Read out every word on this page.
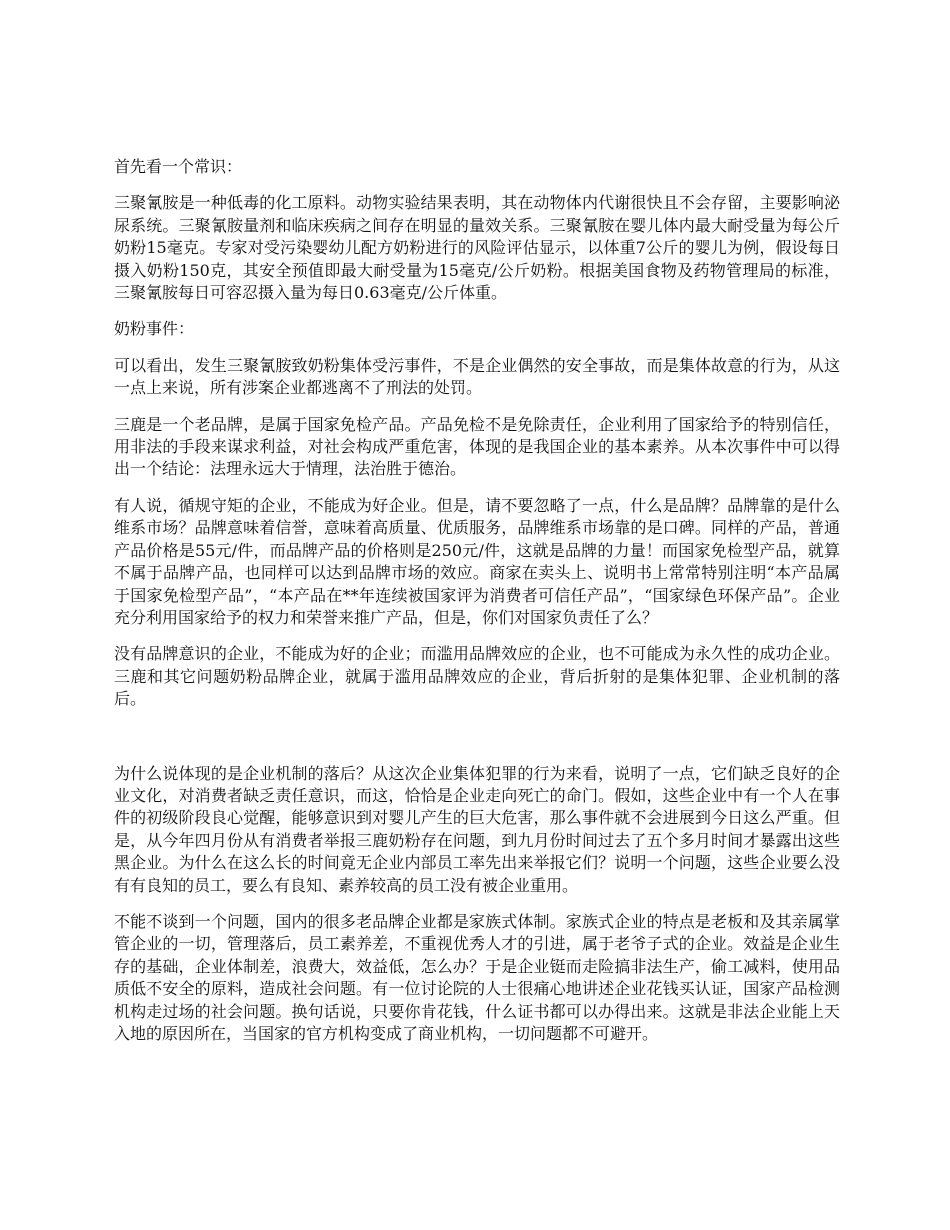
首先看一个常识：

三聚氰胺是一种低毒的化工原料。动物实验结果表明，其在动物体内代谢很快且不会存留，主要影响泌尿系统。三聚氰胺量剂和临床疾病之间存在明显的量效关系。三聚氰胺在婴儿体内最大耐受量为每公斤奶粉15毫克。专家对受污染婴幼儿配方奶粉进行的风险评估显示，以体重7公斤的婴儿为例，假设每日摄入奶粉150克，其安全预值即最大耐受量为15毫克/公斤奶粉。根据美国食物及药物管理局的标准，三聚氰胺每日可容忍摄入量为每日0.63毫克/公斤体重。

奶粉事件：

可以看出，发生三聚氰胺致奶粉集体受污事件，不是企业偶然的安全事故，而是集体故意的行为，从这一点上来说，所有涉案企业都逃离不了刑法的处罚。

三鹿是一个老品牌，是属于国家免检产品。产品免检不是免除责任，企业利用了国家给予的特别信任，用非法的手段来谋求利益，对社会构成严重危害，体现的是我国企业的基本素养。从本次事件中可以得出一个结论：法理永远大于情理，法治胜于德治。

有人说，循规守矩的企业，不能成为好企业。但是，请不要忽略了一点，什么是品牌？品牌靠的是什么维系市场？品牌意味着信誉，意味着高质量、优质服务，品牌维系市场靠的是口碑。同样的产品，普通产品价格是55元/件，而品牌产品的价格则是250元/件，这就是品牌的力量！而国家免检型产品，就算不属于品牌产品，也同样可以达到品牌市场的效应。商家在卖头上、说明书上常常特别注明“本产品属于国家免检型产品”，“本产品在**年连续被国家评为消费者可信任产品”，“国家绿色环保产品”。企业充分利用国家给予的权力和荣誉来推广产品，但是，你们对国家负责任了么？

没有品牌意识的企业，不能成为好的企业；而滥用品牌效应的企业，也不可能成为永久性的成功企业。三鹿和其它问题奶粉品牌企业，就属于滥用品牌效应的企业，背后折射的是集体犯罪、企业机制的落后。

为什么说体现的是企业机制的落后？从这次企业集体犯罪的行为来看，说明了一点，它们缺乏良好的企业文化，对消费者缺乏责任意识，而这，恰恰是企业走向死亡的命门。假如，这些企业中有一个人在事件的初级阶段良心觉醒，能够意识到对婴儿产生的巨大危害，那么事件就不会进展到今日这么严重。但是，从今年四月份从有消费者举报三鹿奶粉存在问题，到九月份时间过去了五个多月时间才暴露出这些黑企业。为什么在这么长的时间竟无企业内部员工率先出来举报它们？说明一个问题，这些企业要么没有有良知的员工，要么有良知、素养较高的员工没有被企业重用。

不能不谈到一个问题，国内的很多老品牌企业都是家族式体制。家族式企业的特点是老板和及其亲属掌管企业的一切，管理落后，员工素养差，不重视优秀人才的引进，属于老爷子式的企业。效益是企业生存的基础，企业体制差，浪费大，效益低，怎么办？于是企业铤而走险搞非法生产，偷工减料，使用品质低不安全的原料，造成社会问题。有一位讨论院的人士很痛心地讲述企业花钱买认证，国家产品检测机构走过场的社会问题。换句话说，只要你肯花钱，什么证书都可以办得出来。这就是非法企业能上天入地的原因所在，当国家的官方机构变成了商业机构，一切问题都不可避开。
